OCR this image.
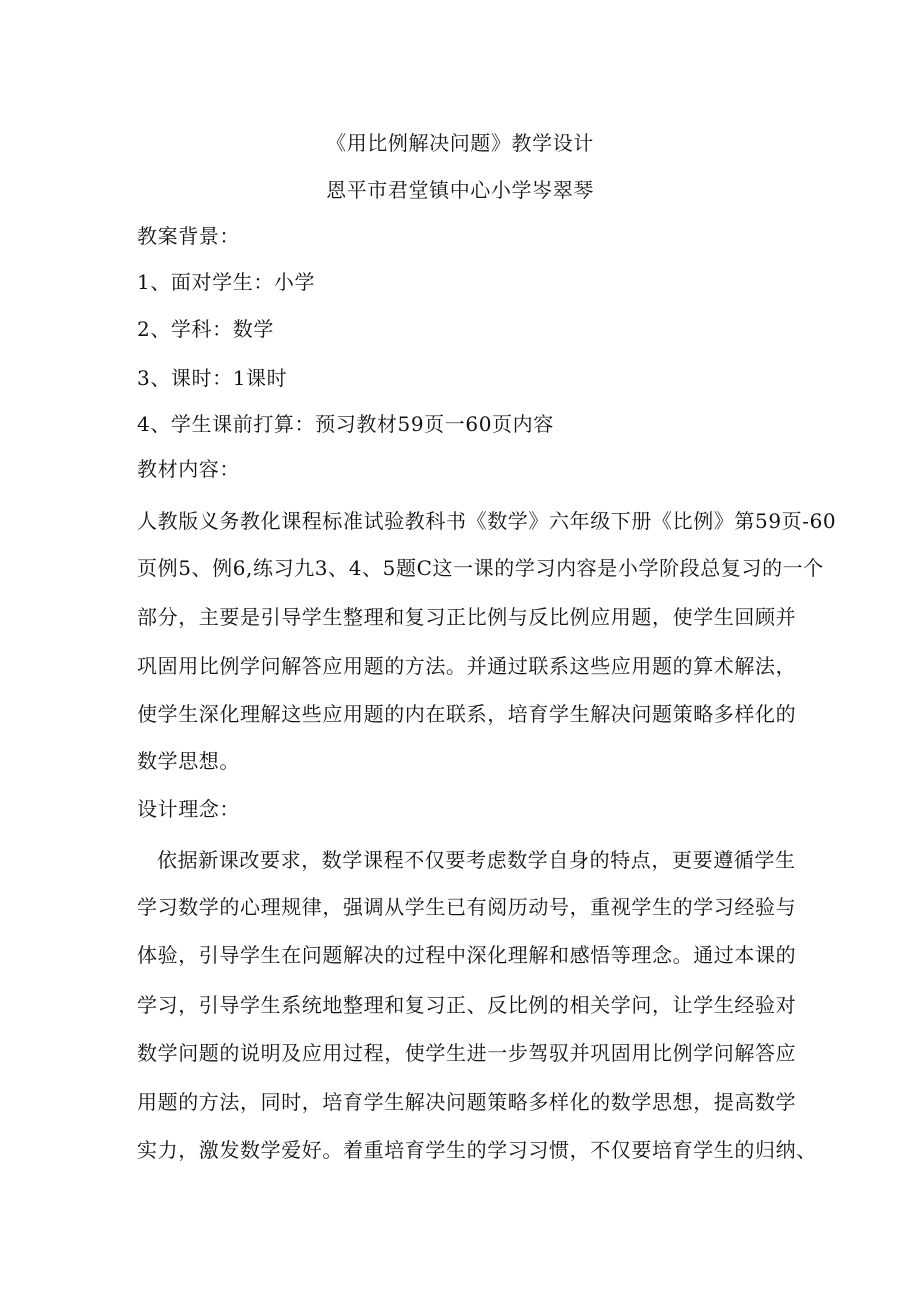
《用比例解决问题》教学设计
恩平市君堂镇中心小学岑翠琴
教案背景：
1、面对学生：小学
2、学科：数学
3、课时：1课时
4、学生课前打算：预习教材59页一60页内容
教材内容：
人教版义务教化课程标准试验教科书《数学》六年级下册《比例》第59页-60
页例5、例6,练习九3、4、5题C这一课的学习内容是小学阶段总复习的一个
部分，主要是引导学生整理和复习正比例与反比例应用题，使学生回顾并
巩固用比例学问解答应用题的方法。并通过联系这些应用题的算术解法，
使学生深化理解这些应用题的内在联系，培育学生解决问题策略多样化的
数学思想。
设计理念：
依据新课改要求，数学课程不仅要考虑数学自身的特点，更要遵循学生
学习数学的心理规律，强调从学生已有阅历动号，重视学生的学习经验与
体验，引导学生在问题解决的过程中深化理解和感悟等理念。通过本课的
学习，引导学生系统地整理和复习正、反比例的相关学问，让学生经验对
数学问题的说明及应用过程，使学生进一步驾驭并巩固用比例学问解答应
用题的方法，同时，培育学生解决问题策略多样化的数学思想，提高数学
实力，激发数学爱好。着重培育学生的学习习惯，不仅要培育学生的归纳、
